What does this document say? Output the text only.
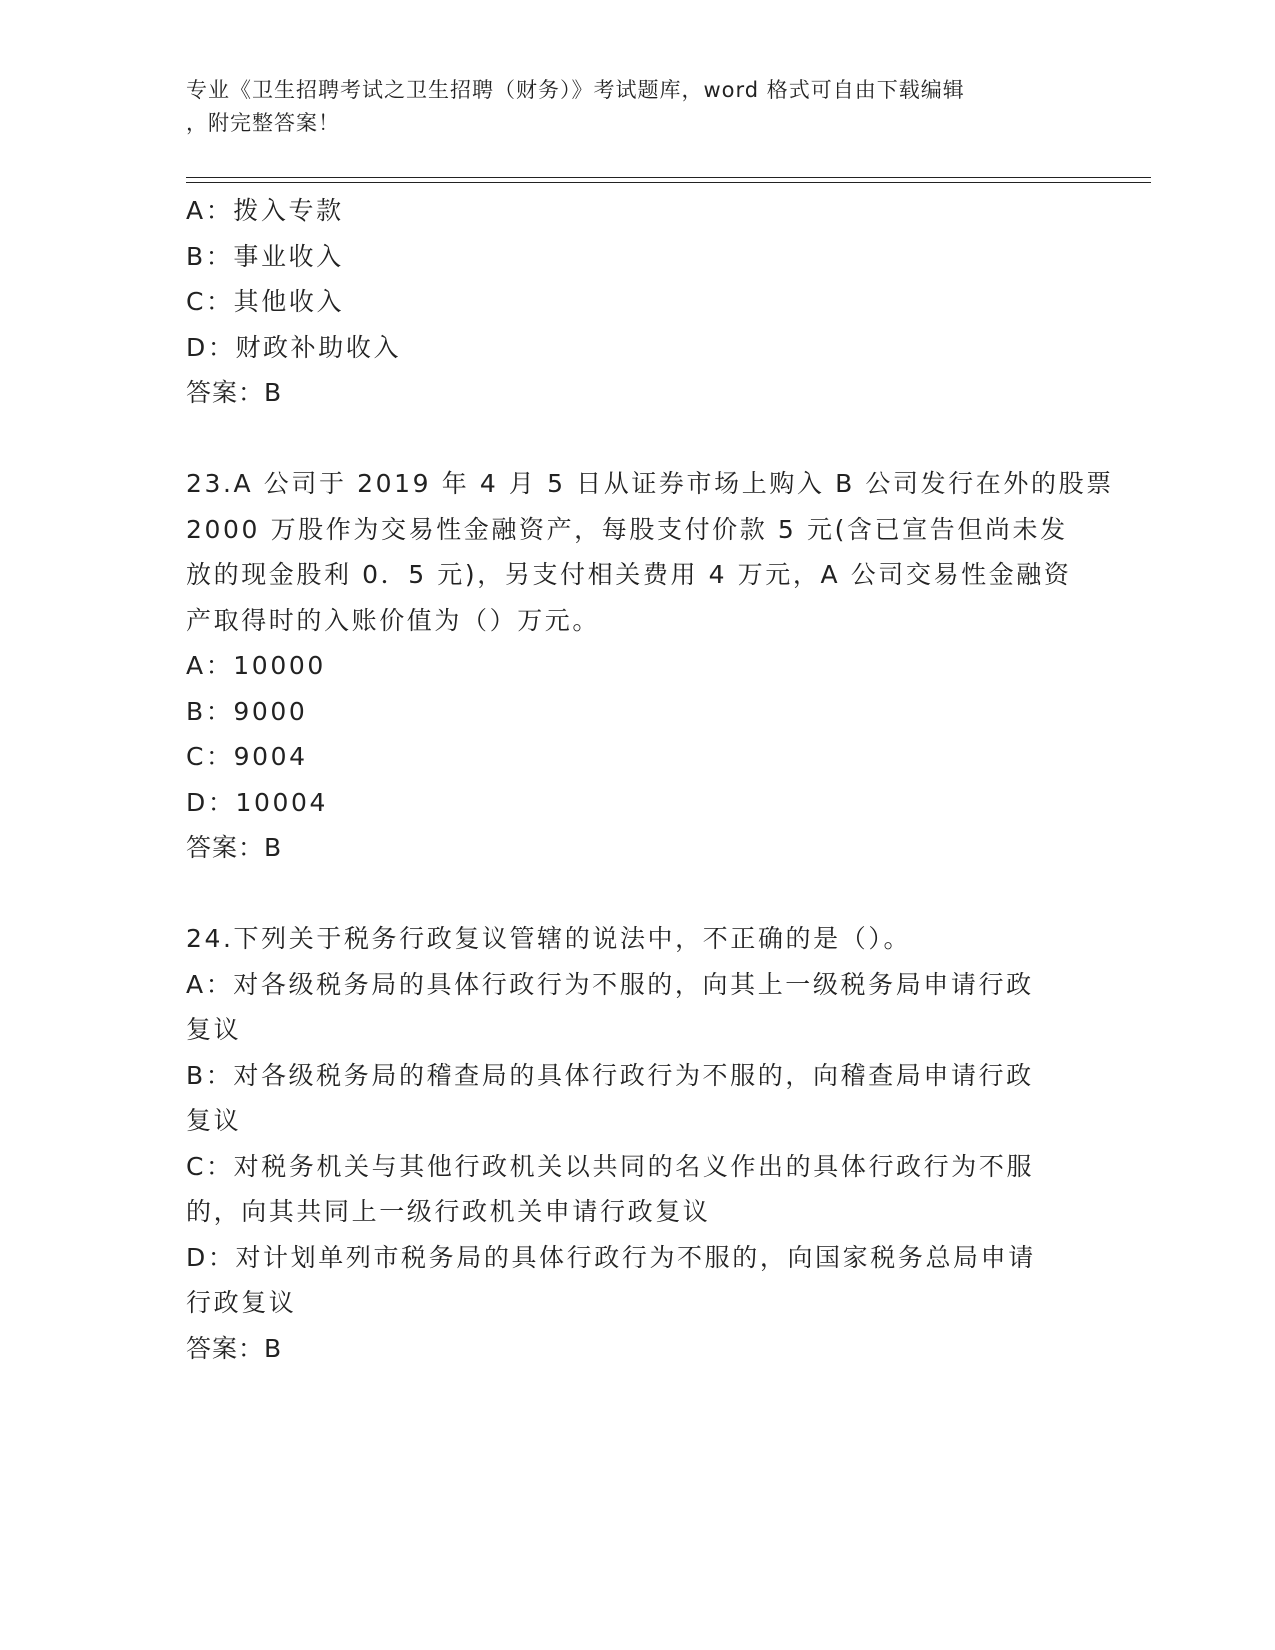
专业《卫生招聘考试之卫生招聘（财务）》考试题库，word 格式可自由下载编辑
，附完整答案！
A：拨入专款
B：事业收入
C：其他收入
D：财政补助收入
答案：B
23.A 公司于 2019 年 4 月 5 日从证券市场上购入 B 公司发行在外的股票
2000 万股作为交易性金融资产，每股支付价款 5 元(含已宣告但尚未发
放的现金股利 0．5 元)，另支付相关费用 4 万元，A 公司交易性金融资
产取得时的入账价值为（）万元。
A：10000
B：9000
C：9004
D：10004
答案：B
24.下列关于税务行政复议管辖的说法中，不正确的是（）。
A：对各级税务局的具体行政行为不服的，向其上一级税务局申请行政
复议
B：对各级税务局的稽查局的具体行政行为不服的，向稽查局申请行政
复议
C：对税务机关与其他行政机关以共同的名义作出的具体行政行为不服
的，向其共同上一级行政机关申请行政复议
D：对计划单列市税务局的具体行政行为不服的，向国家税务总局申请
行政复议
答案：B
